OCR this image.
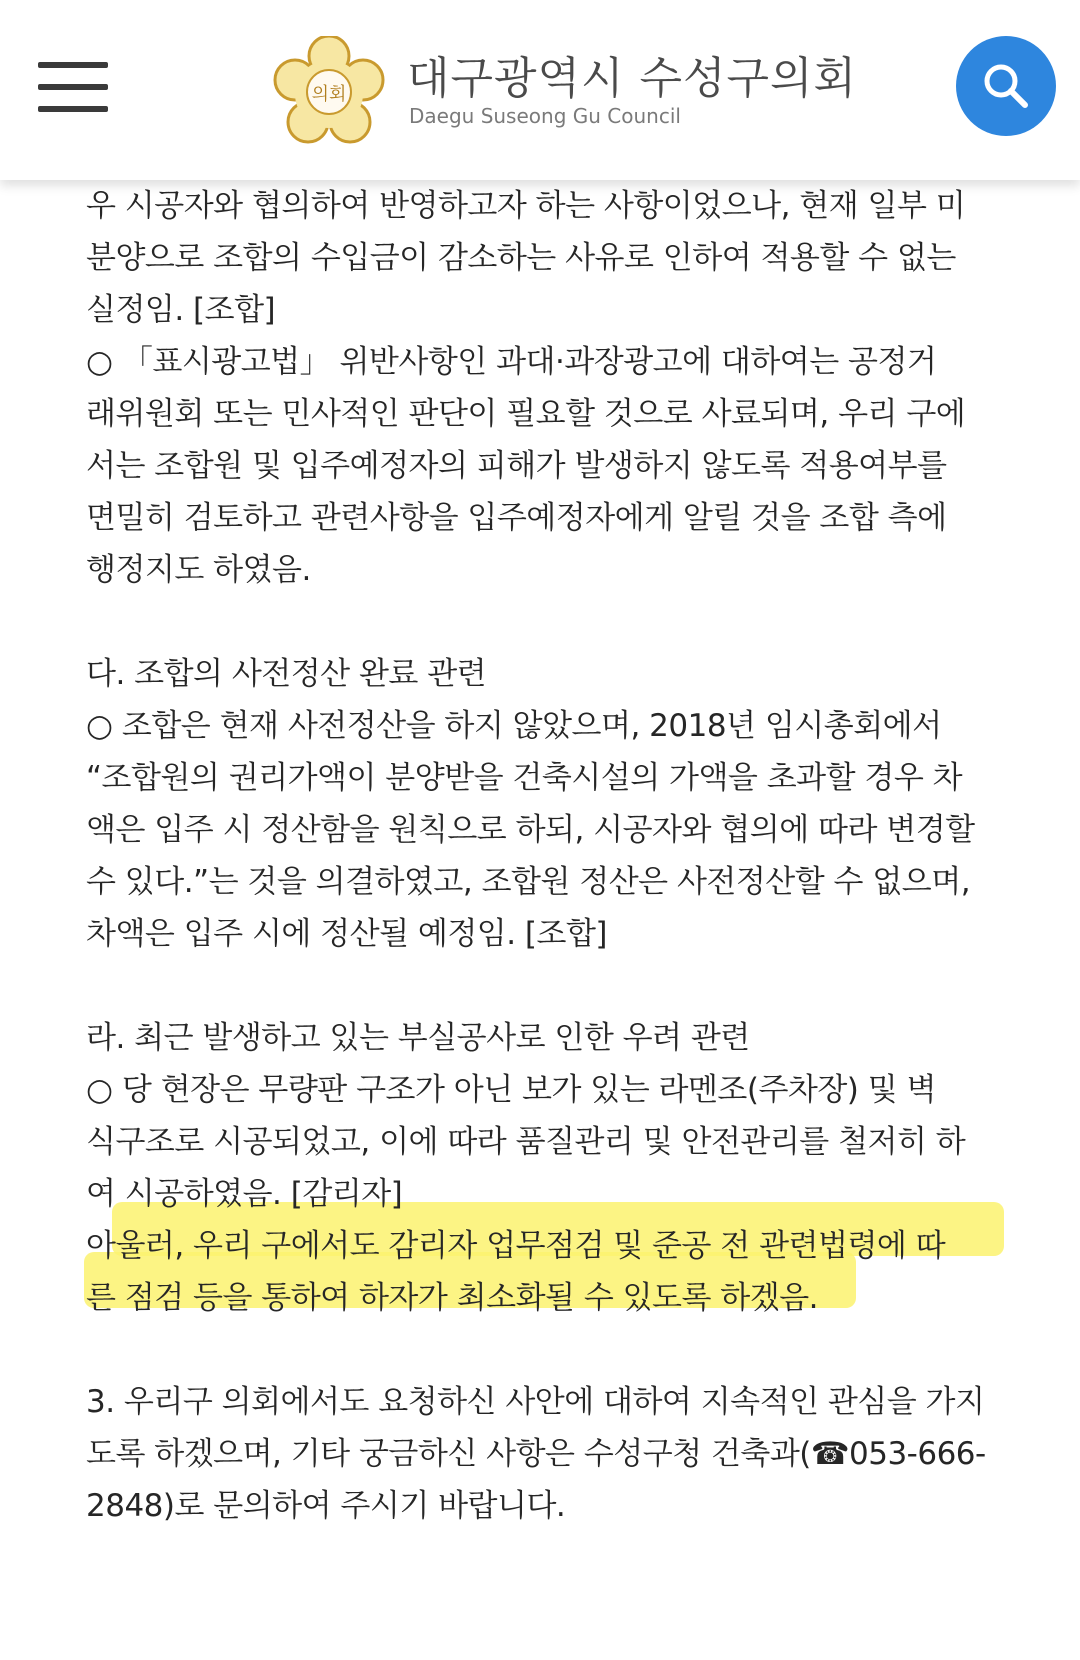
의회 대구광역시 수성구의회
Daegu Suseong Gu Council
우 시공자와 협의하여 반영하고자 하는 사항이었으나, 현재 일부 미
분양으로 조합의 수입금이 감소하는 사유로 인하여 적용할 수 없는
실정임. [조합]
○ 「표시광고법」 위반사항인 과대·과장광고에 대하여는 공정거
래위원회 또는 민사적인 판단이 필요할 것으로 사료되며, 우리 구에
서는 조합원 및 입주예정자의 피해가 발생하지 않도록 적용여부를
면밀히 검토하고 관련사항을 입주예정자에게 알릴 것을 조합 측에
행정지도 하였음.
다. 조합의 사전정산 완료 관련
○ 조합은 현재 사전정산을 하지 않았으며, 2018년 임시총회에서
“조합원의 권리가액이 분양받을 건축시설의 가액을 초과할 경우 차
액은 입주 시 정산함을 원칙으로 하되, 시공자와 협의에 따라 변경할
수 있다.”는 것을 의결하였고, 조합원 정산은 사전정산할 수 없으며,
차액은 입주 시에 정산될 예정임. [조합]
라. 최근 발생하고 있는 부실공사로 인한 우려 관련
○ 당 현장은 무량판 구조가 아닌 보가 있는 라멘조(주차장) 및 벽
식구조로 시공되었고, 이에 따라 품질관리 및 안전관리를 철저히 하
여 시공하였음. [감리자]
아울러, 우리 구에서도 감리자 업무점검 및 준공 전 관련법령에 따
른 점검 등을 통하여 하자가 최소화될 수 있도록 하겠음.
3. 우리구 의회에서도 요청하신 사안에 대하여 지속적인 관심을 가지
도록 하겠으며, 기타 궁금하신 사항은 수성구청 건축과(☎053-666-
2848)로 문의하여 주시기 바랍니다.
